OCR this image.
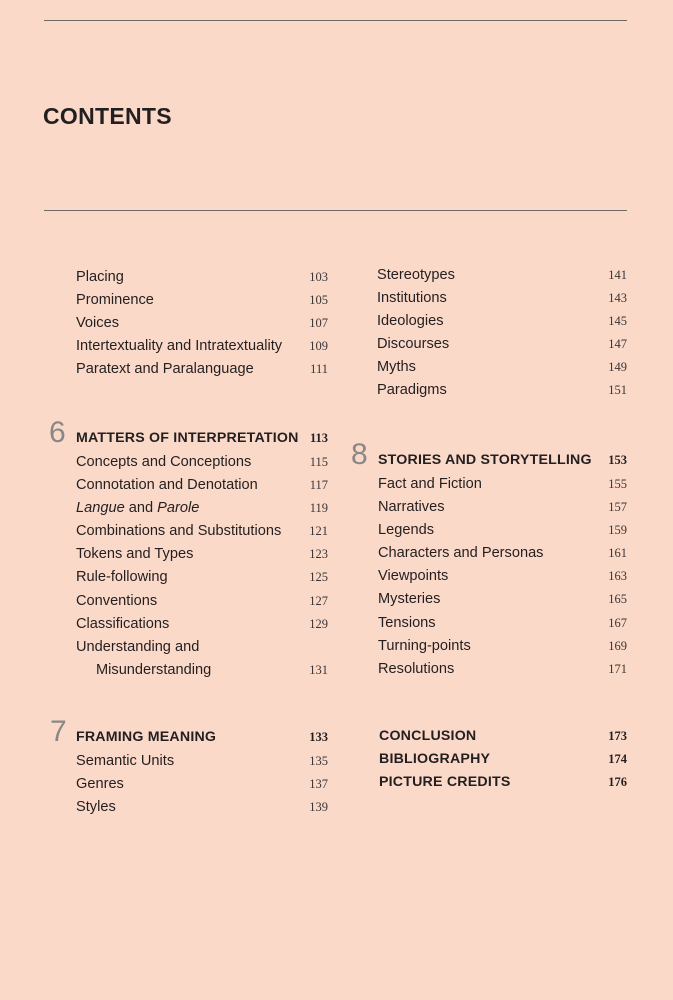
CONTENTS
Placing	103
Prominence	105
Voices	107
Intertextuality and Intratextuality 109
Paratext and Paralanguage	111
6 MATTERS OF INTERPRETATION 113
Concepts and Conceptions	115
Connotation and Denotation	117
Langue and Parole	119
Combinations and Substitutions 121
Tokens and Types	123
Rule-following	125
Conventions	127
Classifications	129
Understanding and
Misunderstanding	131
7 FRAMING MEANING	133
Semantic Units	135
Genres	137
Styles	139
Stereotypes	141
Institutions	143
Ideologies	145
Discourses	147
Myths	149
Paradigms	151
8 STORIES AND STORYTELLING 153
Fact and Fiction	155
Narratives	157
Legends	159
Characters and Personas	161
Viewpoints	163
Mysteries	165
Tensions	167
Turning-points	169
Resolutions	171
CONCLUSION	173
BIBLIOGRAPHY	174
PICTURE CREDITS	176
